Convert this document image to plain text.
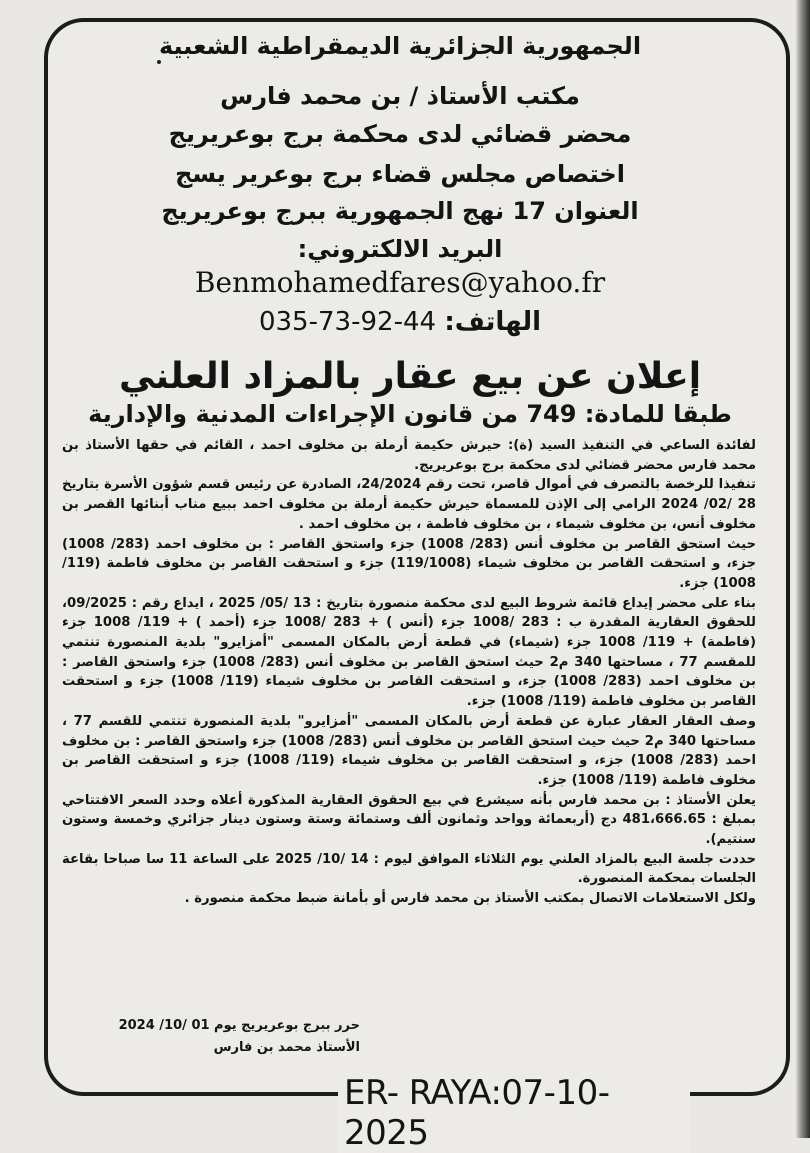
الجمهورية الجزائرية الديمقراطية الشعبية
مكتب الأستاذ / بن محمد فارس
محضر قضائي لدى محكمة برج بوعريريج
اختصاص مجلس قضاء برج بوعرير يسج
العنوان 17 نهج الجمهورية ببرج بوعريريج
البريد الالكتروني:
Benmohamedfares@yahoo.fr
الهاتف: 44-92-73-035
إعلان عن بيع عقار بالمزاد العلني
طبقا للمادة: 749 من قانون الإجراءات المدنية والإدارية

لفائدة الساعي في التنفيذ السيد (ة): حيرش حكيمة أرملة بن مخلوف احمد ، القائم في حقها الأستاذ بن محمد فارس محضر قضائي لدى محكمة برج بوعريريج.

تنفيذا للرخصة بالتصرف في أموال قاصر، تحت رقم 24/2024، الصادرة عن رئيس قسم شؤون الأسرة بتاريخ 28 /02/ 2024 الرامي إلى الإذن للمسماة حيرش حكيمة أرملة بن مخلوف احمد ببيع مناب أبنائها القصر بن مخلوف أنس، بن مخلوف شيماء ، بن مخلوف فاطمة ، بن مخلوف احمد .

حيث استحق القاصر بن مخلوف أنس (283/ 1008) جزء واستحق القاصر : بن مخلوف احمد (283/ 1008) جزء، و استحقت القاصر بن مخلوف شيماء (119/1008) جزء و استحقت القاصر بن مخلوف فاطمة (119/ 1008) جزء.

بناء على محضر إيداع قائمة شروط البيع لدى محكمة منصورة بتاريخ : 13 /05/ 2025 ، ايداع رقم : 09/2025، للحقوق العقارية المقدرة ب : 283 /1008 جزء (أنس ) + 283 /1008 جزء (أحمد ) + 119/ 1008 جزء (فاطمة) + 119/ 1008 جزء (شيماء) في قطعة أرض بالمكان المسمى "أمزايرو" بلدية المنصورة تنتمي للمقسم 77 ، مساحتها 340 م2 حيث استحق القاصر بن مخلوف أنس (283/ 1008) جزء واستحق القاصر : بن مخلوف احمد (283/ 1008) جزء، و استحقت القاصر بن مخلوف شيماء (119/ 1008) جزء و استحقت القاصر بن مخلوف فاطمة (119/ 1008) جزء.

وصف العقار العقار عبارة عن قطعة أرض بالمكان المسمى "أمزايرو" بلدية المنصورة تنتمي للقسم 77 ، مساحتها 340 م2 حيث حيث استحق القاصر بن مخلوف أنس (283/ 1008) جزء واستحق القاصر : بن مخلوف احمد (283/ 1008) جزء، و استحقت القاصر بن مخلوف شيماء (119/ 1008) جزء و استحقت القاصر بن مخلوف فاطمة (119/ 1008) جزء.

يعلن الأستاذ : بن محمد فارس بأنه سيشرع في بيع الحقوق العقارية المذكورة أعلاه وحدد السعر الافتتاحي بمبلغ : 481،666.65 دج (أربعمائة وواحد وثمانون ألف وستمائة وستة وستون دينار جزائري وخمسة وستون سنتيم).

حددت جلسة البيع بالمزاد العلني يوم الثلاثاء الموافق ليوم : 14 /10/ 2025 على الساعة 11 سا صباحا بقاعة الجلسات بمحكمة المنصورة.

ولكل الاستعلامات الاتصال بمكتب الأستاذ بن محمد فارس أو بأمانة ضبط محكمة منصورة .

حرر ببرج بوعريريج يوم 01 /10/ 2024
الأستاذ محمد بن فارس
ER- RAYA:07-10-2025
